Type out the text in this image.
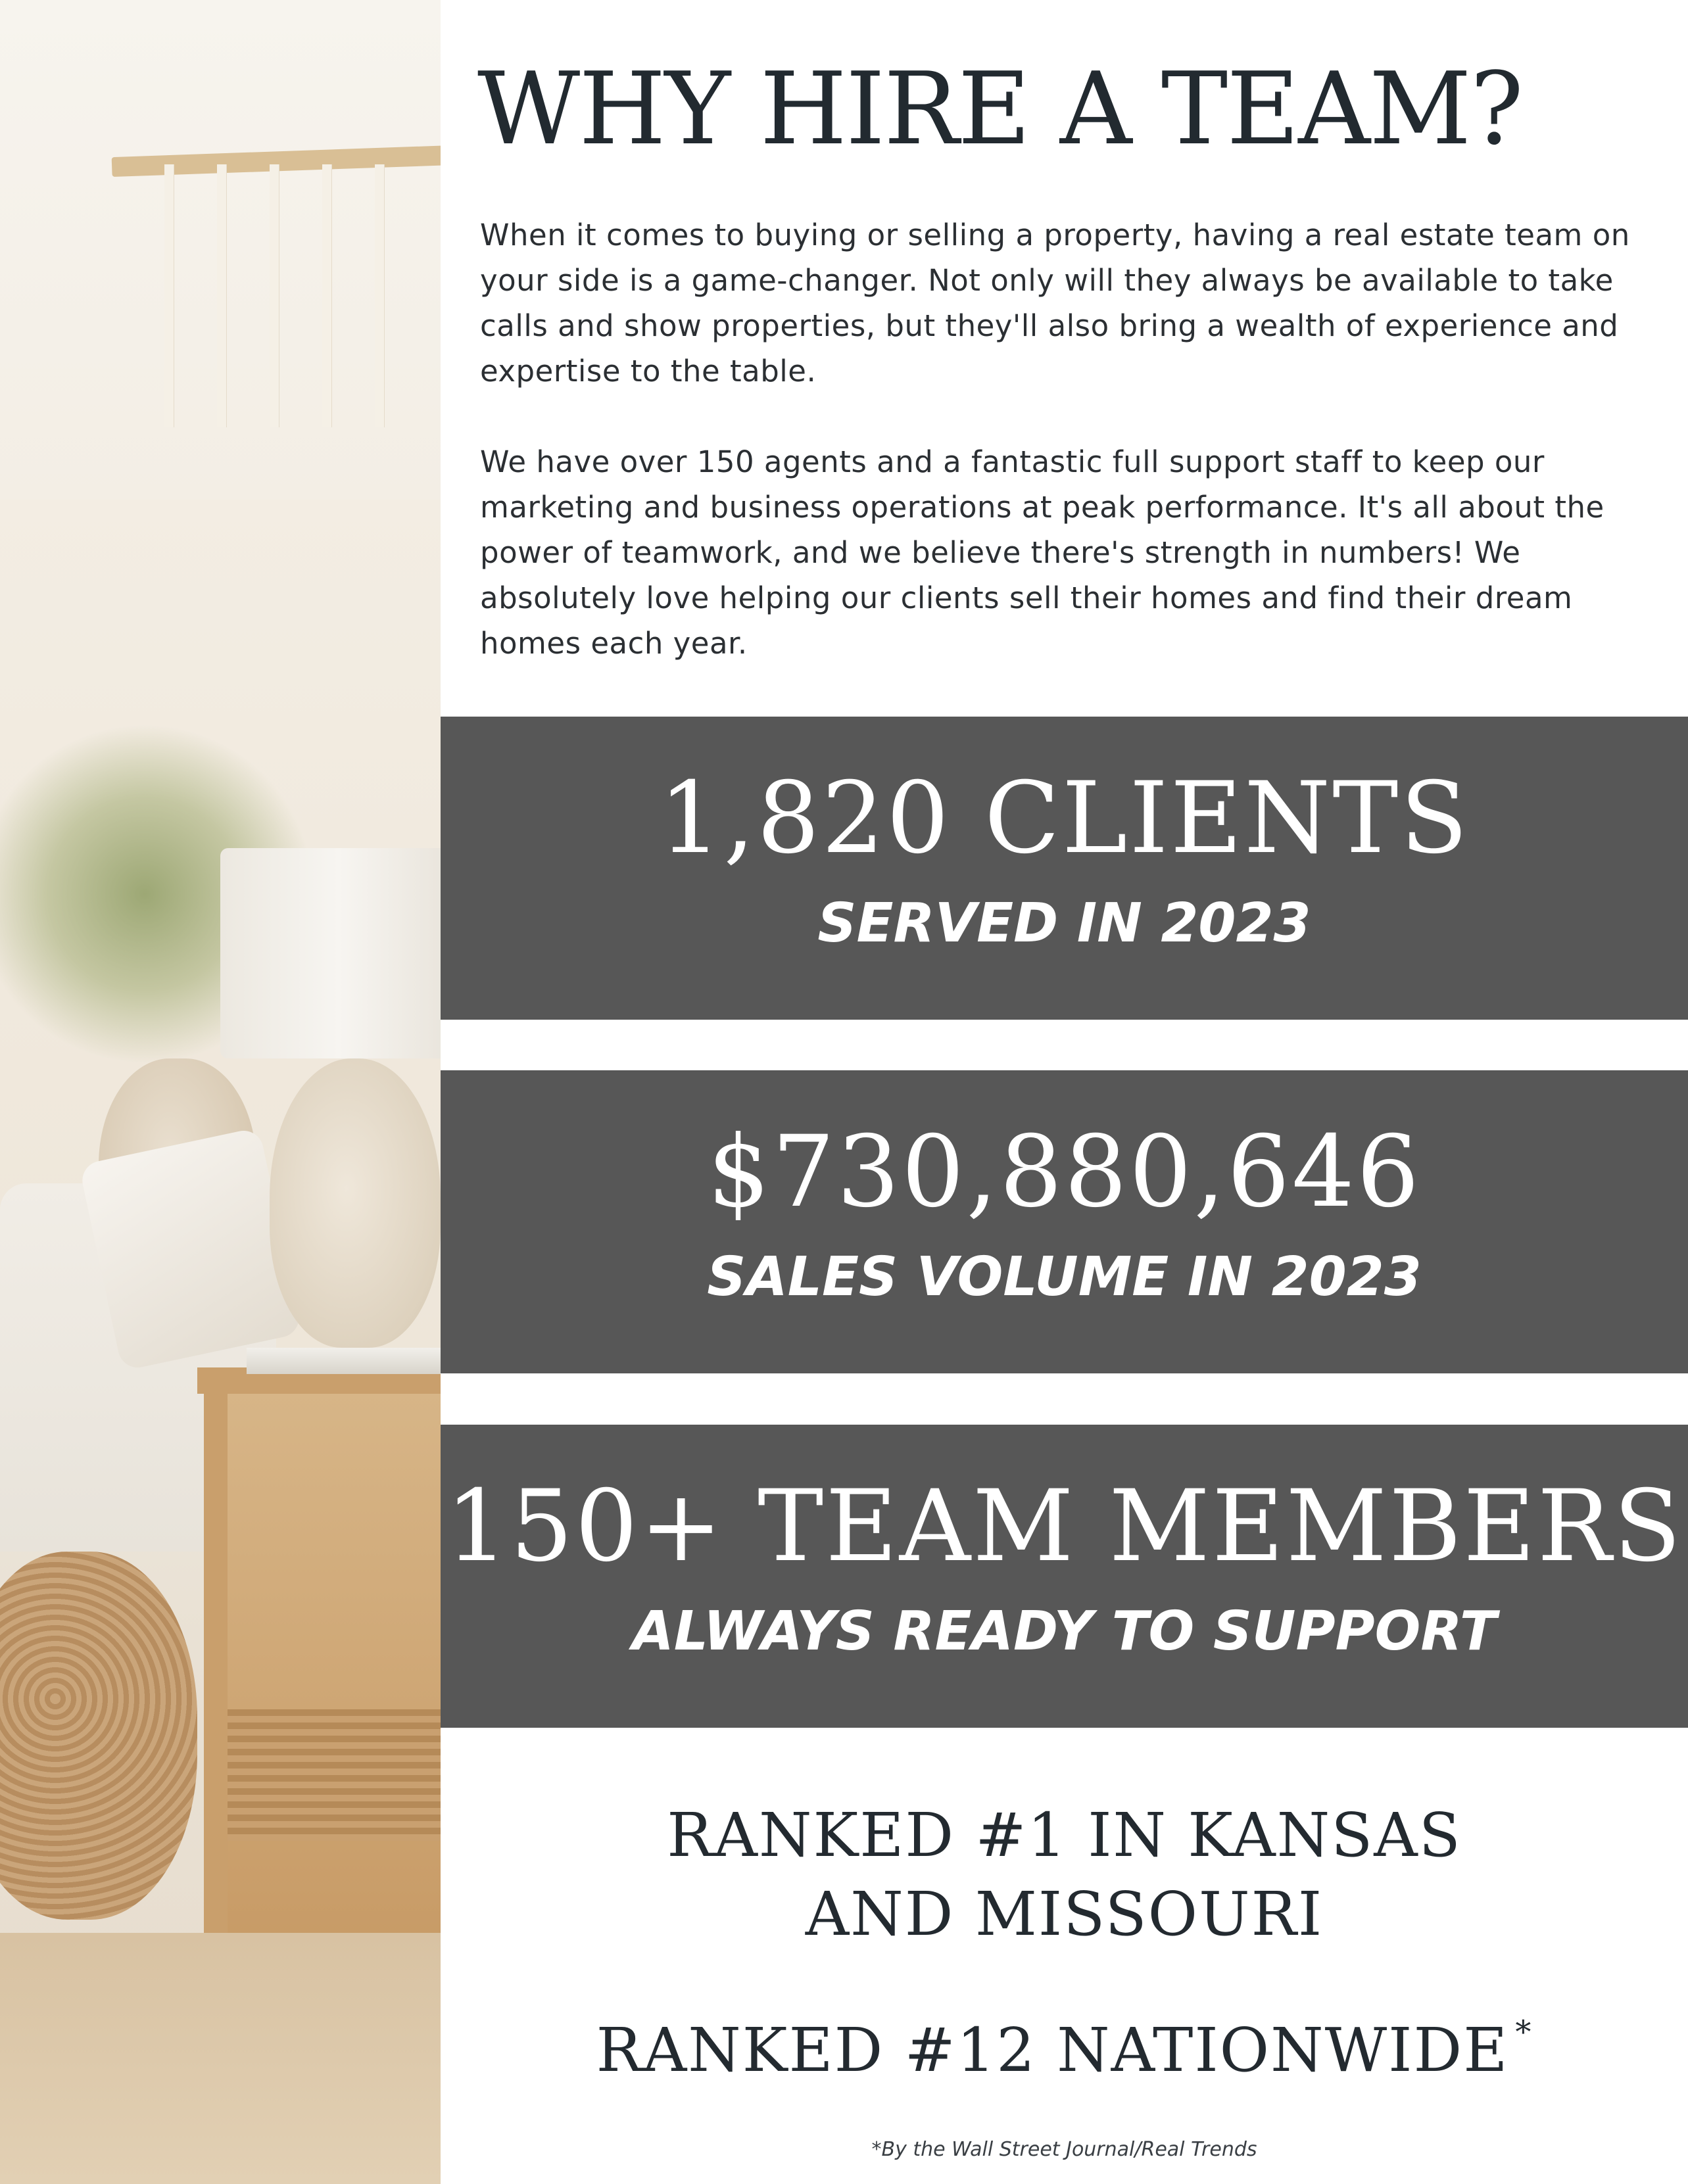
WHY HIRE A TEAM?

When it comes to buying or selling a property, having a real estate team on your side is a game-changer. Not only will they always be available to take calls and show properties, but they'll also bring a wealth of experience and expertise to the table.

We have over 150 agents and a fantastic full support staff to keep our marketing and business operations at peak performance. It's all about the power of teamwork, and we believe there's strength in numbers! We absolutely love helping our clients sell their homes and find their dream homes each year.

1,820 CLIENTS
SERVED IN 2023
$730,880,646
SALES VOLUME IN 2023
150+ TEAM MEMBERS
ALWAYS READY TO SUPPORT
RANKED #1 IN KANSAS
AND MISSOURI
RANKED #12 NATIONWIDE *
*By the Wall Street Journal/Real Trends
